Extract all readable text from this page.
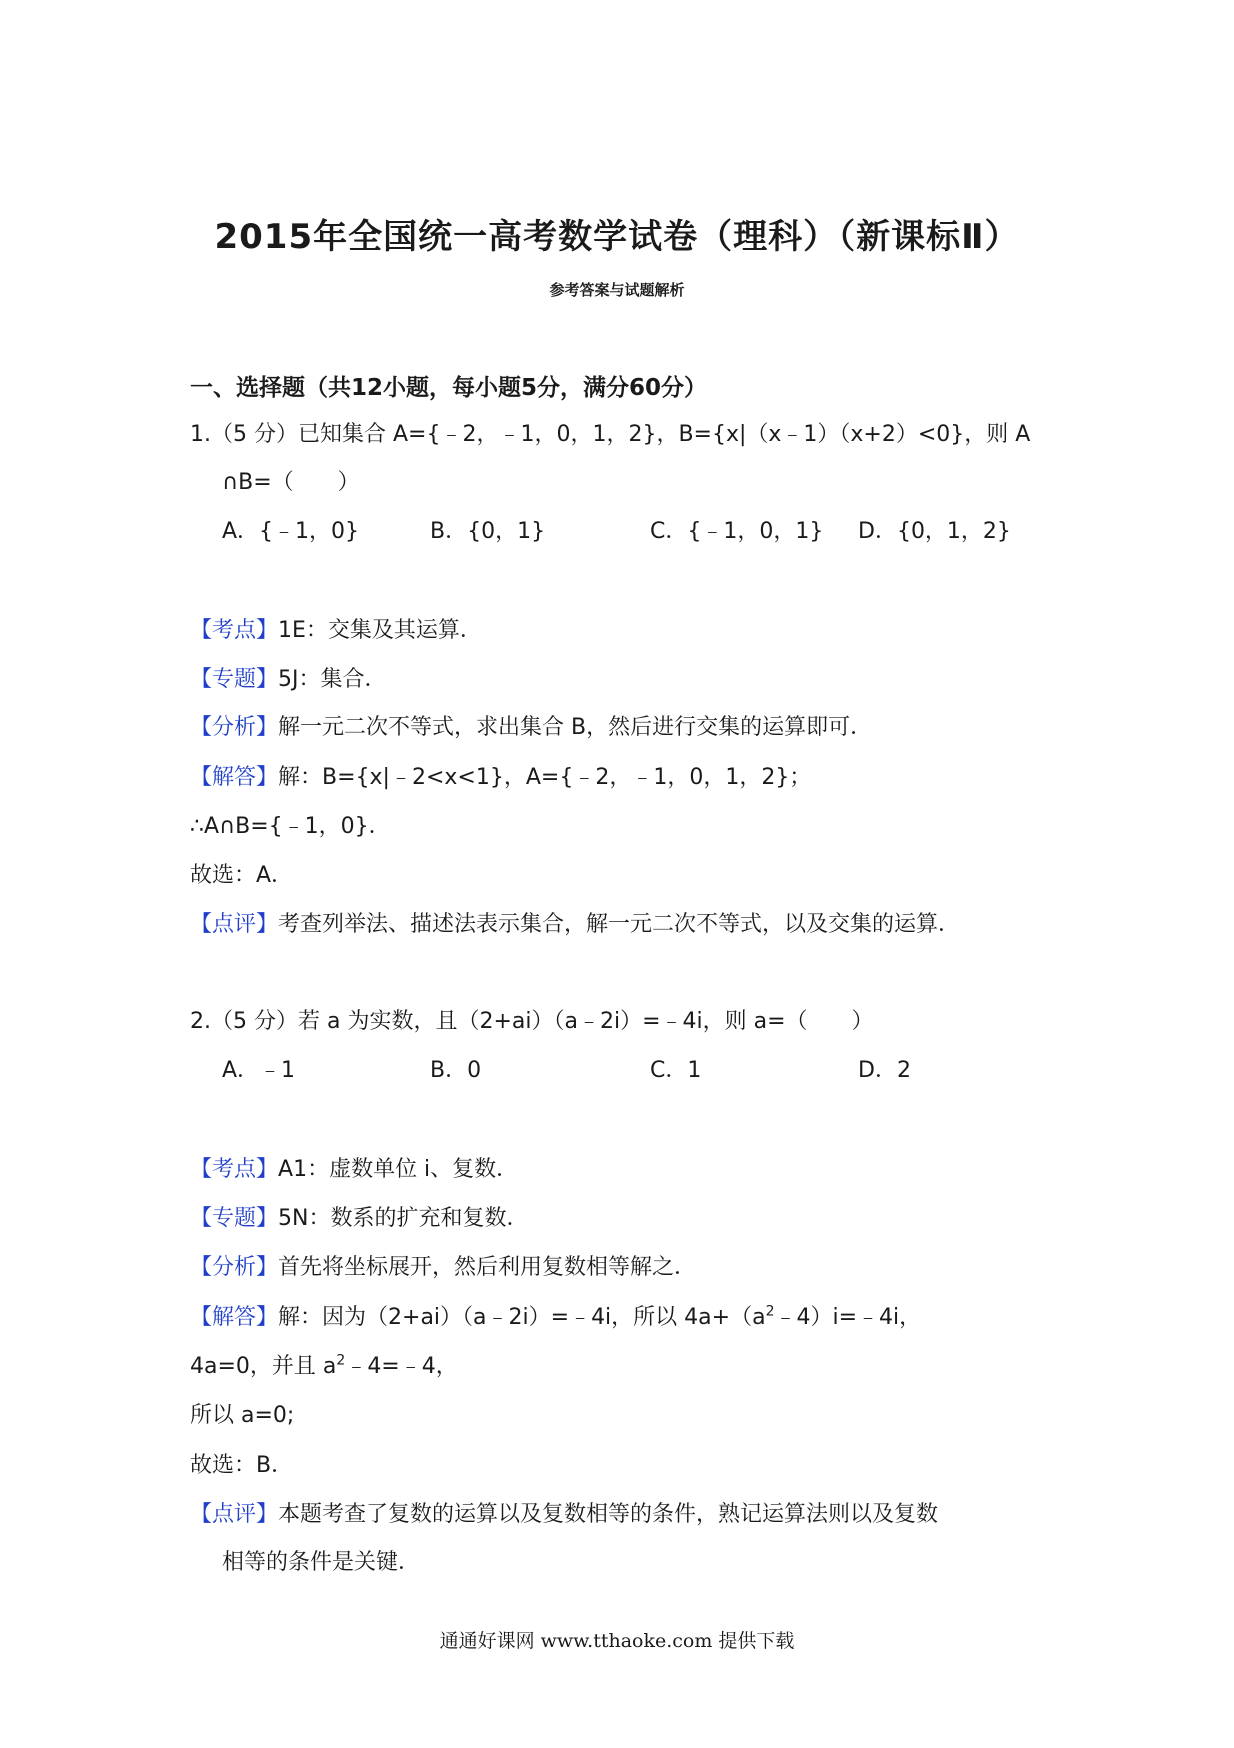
2015年全国统一高考数学试卷（理科）（新课标Ⅱ）
参考答案与试题解析
一、选择题（共12小题，每小题5分，满分60分）
1.（5 分）已知集合 A={﹣2，﹣1，0，1，2}，B={x|（x﹣1）（x+2）<0}，则 A
∩B=（　　）
A．{﹣1，0}	B．{0，1}	C．{﹣1，0，1} D．{0，1，2}
【考点】1E：交集及其运算．
【专题】5J：集合．
【分析】解一元二次不等式，求出集合 B，然后进行交集的运算即可．
【解答】解：B={x|﹣2<x<1}，A={﹣2，﹣1，0，1，2}；
∴A∩B={﹣1，0}．
故选：A．
【点评】考查列举法、描述法表示集合，解一元二次不等式，以及交集的运算．
2.（5 分）若 a 为实数，且（2+ai）（a﹣2i）=﹣4i，则 a=（　　）
A．﹣1	B．0	C．1	D．2
【考点】A1：虚数单位 i、复数．
【专题】5N：数系的扩充和复数．
【分析】首先将坐标展开，然后利用复数相等解之．
【解答】解：因为（2+ai）（a﹣2i）=﹣4i，所以 $4a+(a^2﹣4)i=﹣4i$，
4a=0，并且 $a^2﹣4=﹣4$，
所以 a=0;
故选：B．
【点评】本题考查了复数的运算以及复数相等的条件，熟记运算法则以及复数
相等的条件是关键．
通通好课网 www.tthaoke.com 提供下载
